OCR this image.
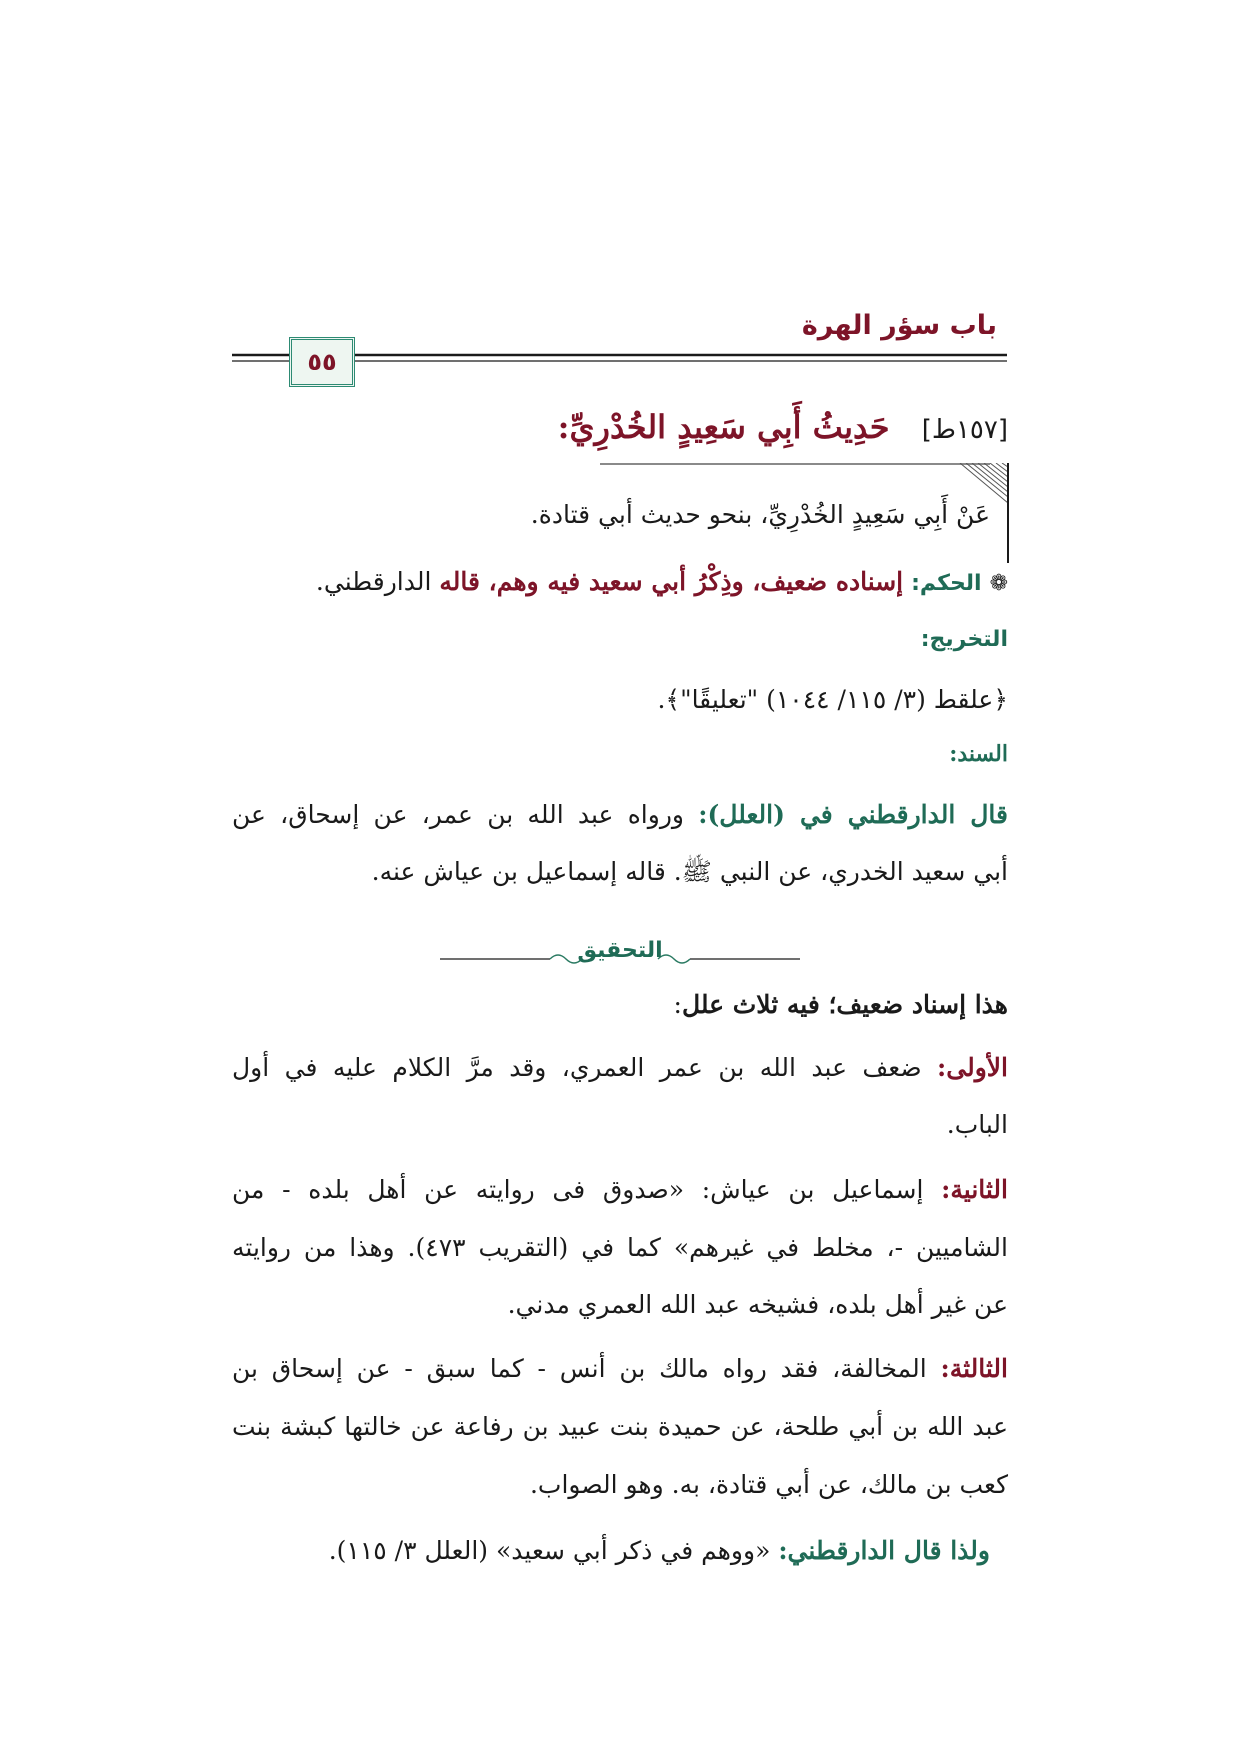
باب سؤر الهرة
٥٥
[١٥٧ط] حَدِيثُ أَبِي سَعِيدٍ الخُدْرِيِّ:
عَنْ أَبِي سَعِيدٍ الخُدْرِيِّ، بنحو حديث أبي قتادة.
❁ الحكم: إسناده ضعيف، وذِكْرُ أبي سعيد فيه وهم، قاله الدارقطني.
التخريج:
﴿علقط (٣/ ١١٥/ ١٠٤٤) "تعليقًا"﴾.
السند:
قال الدارقطني في (العلل): ورواه عبد الله بن عمر، عن إسحاق، عن
أبي سعيد الخدري، عن النبي ﷺ. قاله إسماعيل بن عياش عنه.
التحقيق
هذا إسناد ضعيف؛ فيه ثلاث علل:
الأولى: ضعف عبد الله بن عمر العمري، وقد مرَّ الكلام عليه في أول
الباب.
الثانية: إسماعيل بن عياش: «صدوق فى روايته عن أهل بلده - من
الشاميين -، مخلط في غيرهم» كما في (التقريب ٤٧٣). وهذا من روايته
عن غير أهل بلده، فشيخه عبد الله العمري مدني.
الثالثة: المخالفة، فقد رواه مالك بن أنس - كما سبق - عن إسحاق بن
عبد الله بن أبي طلحة، عن حميدة بنت عبيد بن رفاعة عن خالتها كبشة بنت
كعب بن مالك، عن أبي قتادة، به. وهو الصواب.
ولذا قال الدارقطني: «ووهم في ذكر أبي سعيد» (العلل ٣/ ١١٥).
